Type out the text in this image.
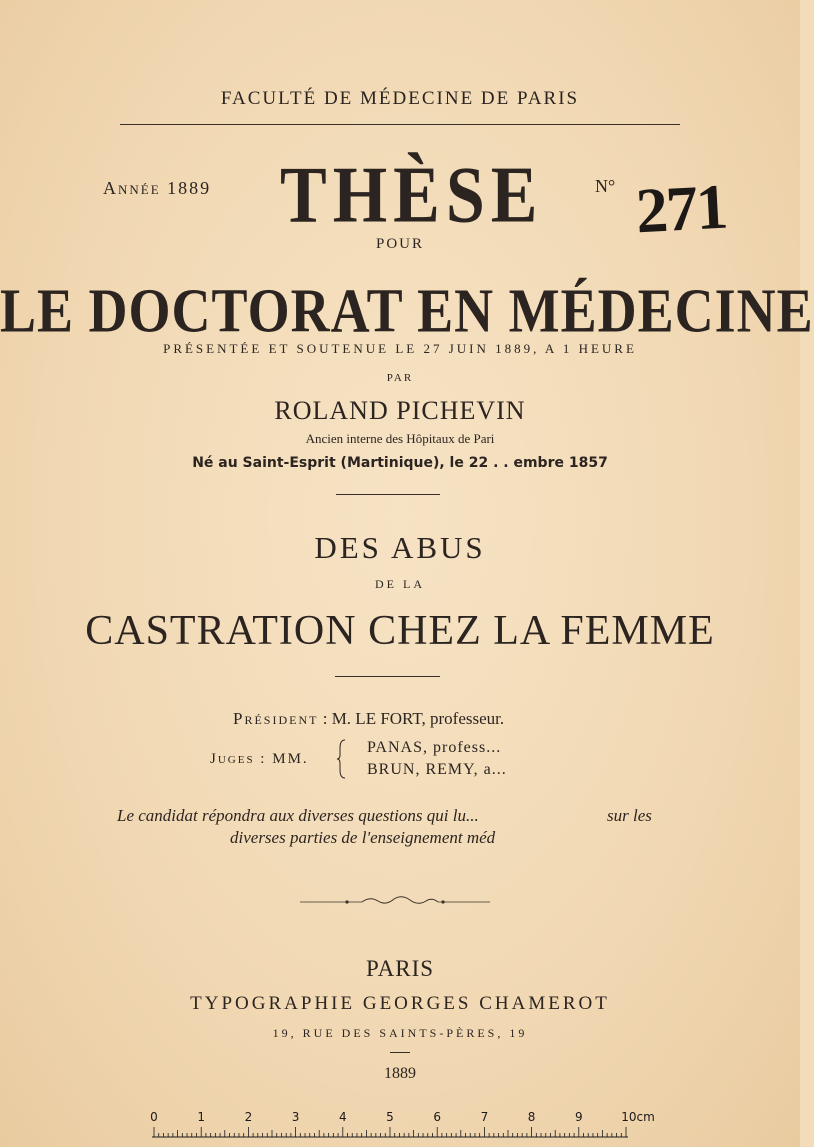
FACULTÉ DE MÉDECINE DE PARIS
Année 1889 THÈSE	N° 271
POUR
LE DOCTORAT EN MÉDECINE
PRÉSENTÉE ET SOUTENUE LE 27 JUIN 1889, A 1 HEURE
PAR
ROLAND PICHEVIN
Ancien interne des Hôpitaux de Pari
Né au Saint-Esprit (Martinique), le 22 . . embre 1857
DES ABUS
DE LA
CASTRATION CHEZ LA FEMME
Président : M. LE FORT, professeur.
Juges : MM.
PANAS, profess...
BRUN, REMY, a...
Le candidat répondra aux diverses questions qui lu...	sur les
diverses parties de l'enseignement méd
PARIS
TYPOGRAPHIE GEORGES CHAMEROT
19, RUE DES SAINTS-PÈRES, 19
1889
0	1	2	3	4	5	6	7	8	9	10cm
